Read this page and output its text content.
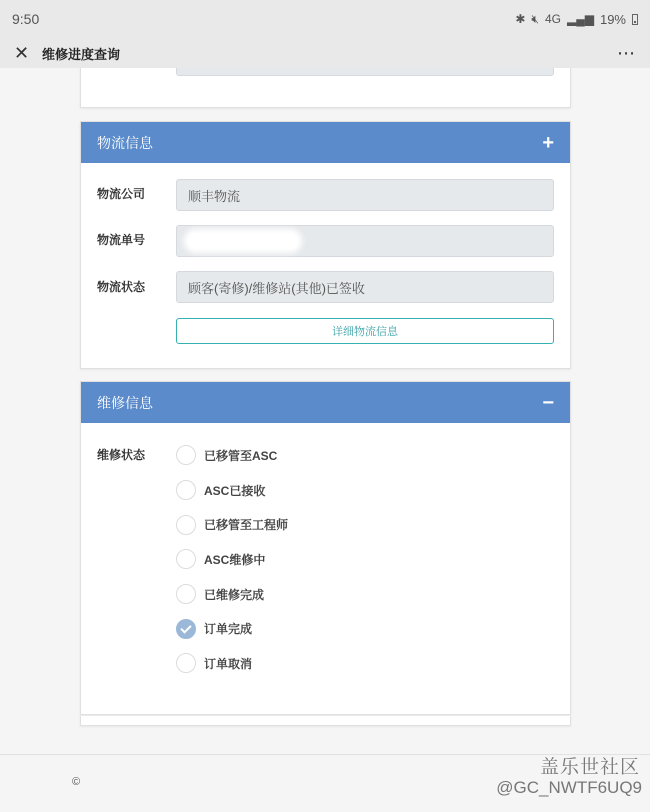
9:50	✱ 🔇︎ 4G ▂▄▆ 19%
✕ 维修进度查询	⋯
物流信息	+
物流公司	顺丰物流
物流单号
物流状态	顾客(寄修)/维修站(其他)已签收
详细物流信息
维修信息	−
维修状态	已移管至ASC
ASC已接收
已移管至工程师
ASC维修中
已维修完成
订单完成
订单取消
©
盖乐世社区
@GC_NWTF6UQ9
